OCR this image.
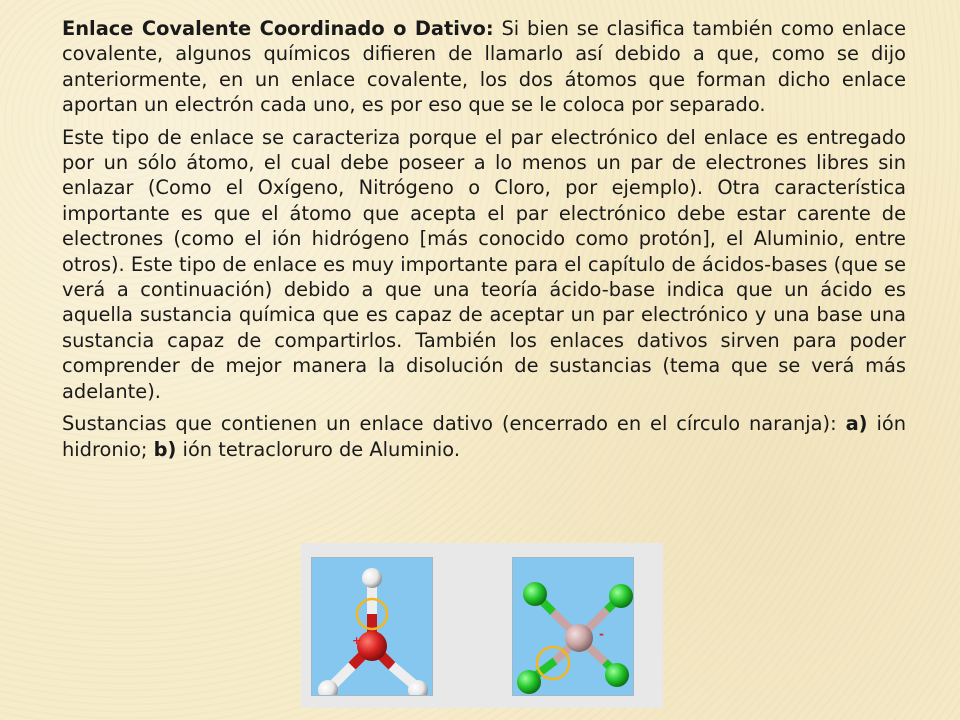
Enlace Covalente Coordinado o Dativo: Si bien se clasifica también como enlace covalente, algunos químicos difieren de llamarlo así debido a que, como se dijo anteriormente, en un enlace covalente, los dos átomos que forman dicho enlace aportan un electrón cada uno, es por eso que se le coloca por separado.

Este tipo de enlace se caracteriza porque el par electrónico del enlace es entregado por un sólo átomo, el cual debe poseer a lo menos un par de electrones libres sin enlazar (Como el Oxígeno, Nitrógeno o Cloro, por ejemplo). Otra característica importante es que el átomo que acepta el par electrónico debe estar carente de electrones (como el ión hidrógeno [más conocido como protón], el Aluminio, entre otros). Este tipo de enlace es muy importante para el capítulo de ácidos-bases (que se verá a continuación) debido a que una teoría ácido-base indica que un ácido es aquella sustancia química que es capaz de aceptar un par electrónico y una base una sustancia capaz de compartirlos. También los enlaces dativos sirven para poder comprender de mejor manera la disolución de sustancias (tema que se verá más adelante).

Sustancias que contienen un enlace dativo (encerrado en el círculo naranja): a) ión hidronio; b) ión tetracloruro de Aluminio.

+	-
